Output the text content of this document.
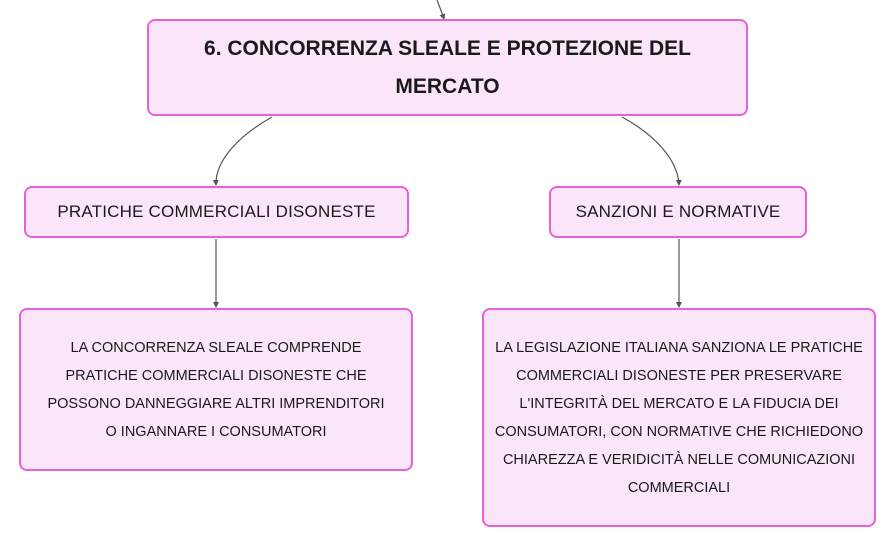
6. CONCORRENZA SLEALE E PROTEZIONE DEL MERCATO
PRATICHE COMMERCIALI DISONESTE	SANZIONI E NORMATIVE
LA CONCORRENZA SLEALE COMPRENDE PRATICHE COMMERCIALI DISONESTE CHE POSSONO DANNEGGIARE ALTRI IMPRENDITORI O INGANNARE I CONSUMATORI
LA LEGISLAZIONE ITALIANA SANZIONA LE PRATICHE COMMERCIALI DISONESTE PER PRESERVARE L'INTEGRITÀ DEL MERCATO E LA FIDUCIA DEI CONSUMATORI, CON NORMATIVE CHE RICHIEDONO CHIAREZZA E VERIDICITÀ NELLE COMUNICAZIONI COMMERCIALI
